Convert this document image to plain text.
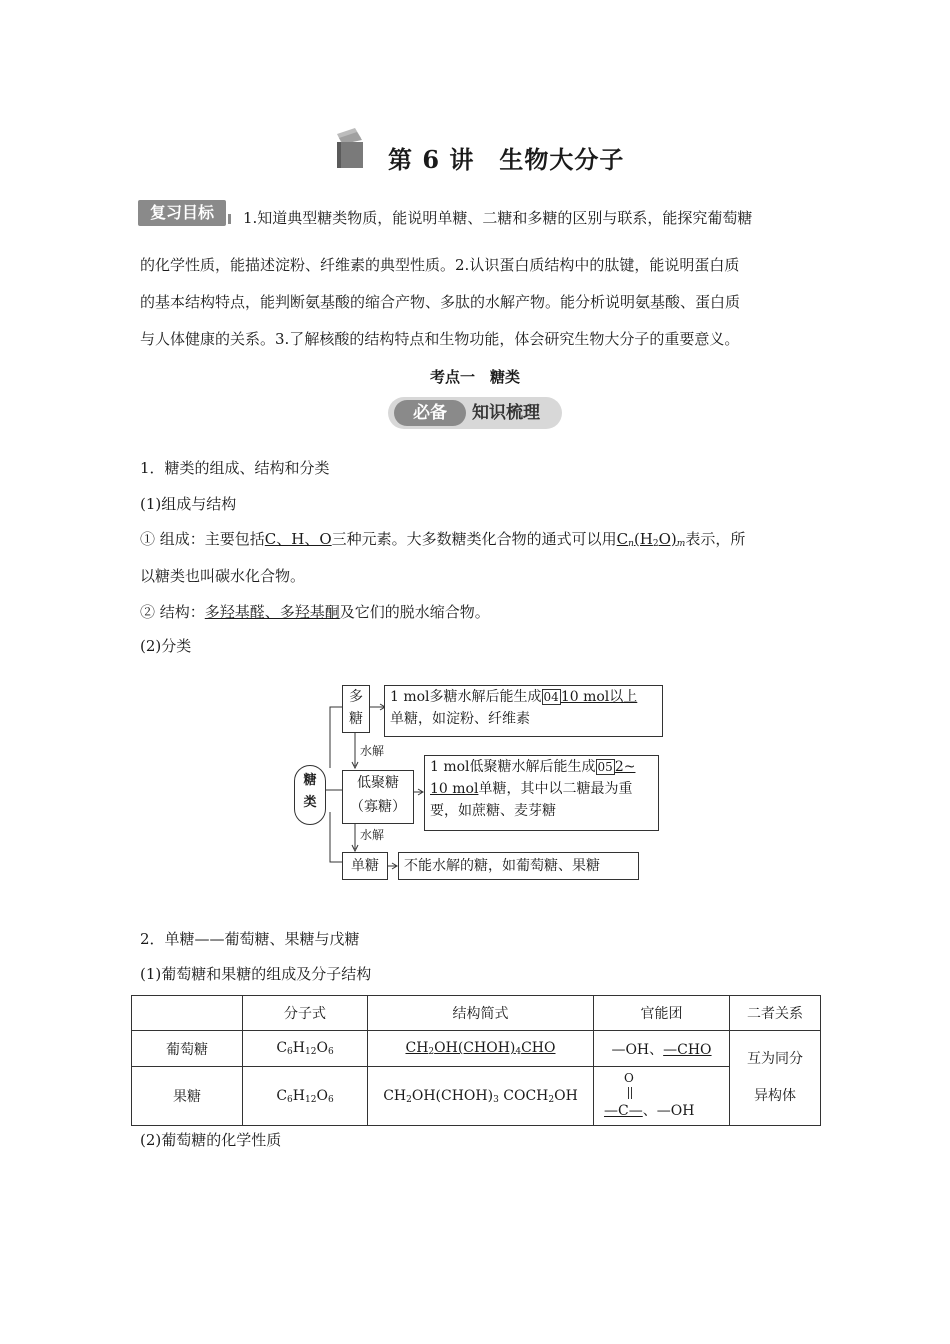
第 6 讲　生物大分子
复习目标	1.知道典型糖类物质，能说明单糖、二糖和多糖的区别与联系，能探究葡萄糖
的化学性质，能描述淀粉、纤维素的典型性质。2.认识蛋白质结构中的肽键，能说明蛋白质
的基本结构特点，能判断氨基酸的缩合产物、多肽的水解产物。能分析说明氨基酸、蛋白质
与人体健康的关系。3.了解核酸的结构特点和生物功能，体会研究生物大分子的重要意义。
考点一　糖类
必备	知识梳理
1．糖类的组成、结构和分类
(1)组成与结构
① 组成：主要包括C、H、O三种元素。大多数糖类化合物的通式可以用$C_n(H_2O)_m$表示，所
以糖类也叫碳水化合物。
② 结构：多羟基醛、多羟基酮及它们的脱水缩合物。
(2)分类
糖类
多糖
1 mol多糖水解后能生成 04 10 mol以上
单糖，如淀粉、纤维素
水解
低聚糖
（寡糖）
1 mol低聚糖水解后能生成 05 2~
10 mol单糖，其中以二糖最为重
要，如蔗糖、麦芽糖
水解
单糖	不能水解的糖，如葡萄糖、果糖
2．单糖——葡萄糖、果糖与戊糖
(1)葡萄糖和果糖的组成及分子结构
	分子式	结构简式	官能团	二者关系
葡萄糖	$C_6H_{12}O_6$	$CH_2OH(CHOH)_4CHO$	—OH、—CHO	互为同分
异构体

果糖	$C_6H_{12}O_6$	$CH_2OH(CHOH)_3$ $COCH_2OH$	O
—C—、—OH	
(2)葡萄糖的化学性质
